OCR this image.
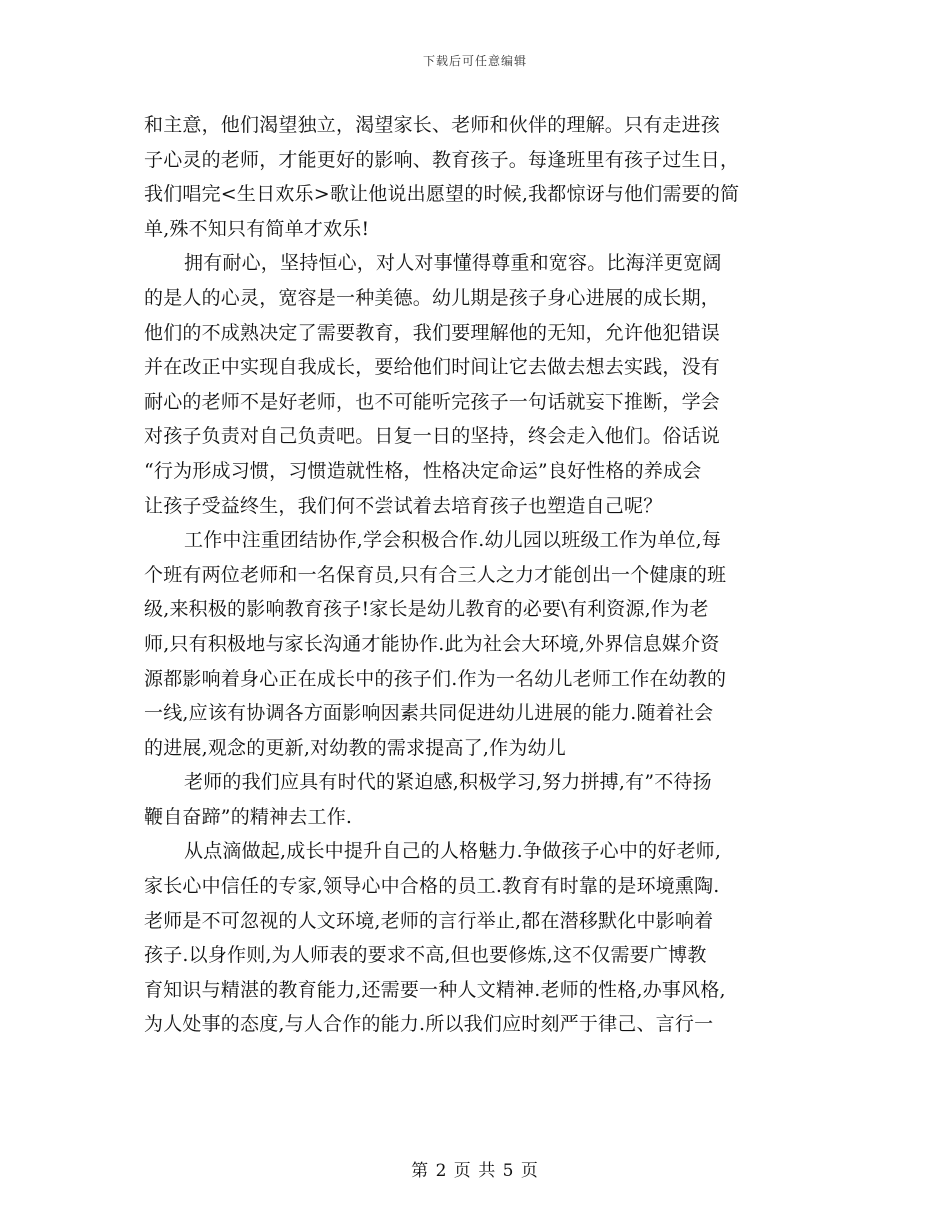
下载后可任意编辑
和主意，他们渴望独立，渴望家长、老师和伙伴的理解。只有走进孩
子心灵的老师，才能更好的影响、教育孩子。每逢班里有孩子过生日，
我们唱完<生日欢乐>歌让他说出愿望的时候,我都惊讶与他们需要的简
单,殊不知只有简单才欢乐!
拥有耐心，坚持恒心，对人对事懂得尊重和宽容。比海洋更宽阔
的是人的心灵，宽容是一种美德。幼儿期是孩子身心进展的成长期，
他们的不成熟决定了需要教育，我们要理解他的无知，允许他犯错误
并在改正中实现自我成长，要给他们时间让它去做去想去实践，没有
耐心的老师不是好老师，也不可能听完孩子一句话就妄下推断，学会
对孩子负责对自己负责吧。日复一日的坚持，终会走入他们。俗话说
“行为形成习惯，习惯造就性格，性格决定命运”良好性格的养成会
让孩子受益终生，我们何不尝试着去培育孩子也塑造自己呢？
工作中注重团结协作,学会积极合作.幼儿园以班级工作为单位,每
个班有两位老师和一名保育员,只有合三人之力才能创出一个健康的班
级,来积极的影响教育孩子!家长是幼儿教育的必要\有利资源,作为老
师,只有积极地与家长沟通才能协作.此为社会大环境,外界信息媒介资
源都影响着身心正在成长中的孩子们.作为一名幼儿老师工作在幼教的
一线,应该有协调各方面影响因素共同促进幼儿进展的能力.随着社会
的进展,观念的更新,对幼教的需求提高了,作为幼儿
老师的我们应具有时代的紧迫感,积极学习,努力拼搏,有”不待扬
鞭自奋蹄”的精神去工作.
从点滴做起,成长中提升自己的人格魅力.争做孩子心中的好老师,
家长心中信任的专家,领导心中合格的员工.教育有时靠的是环境熏陶.
老师是不可忽视的人文环境,老师的言行举止,都在潜移默化中影响着
孩子.以身作则,为人师表的要求不高,但也要修炼,这不仅需要广博教
育知识与精湛的教育能力,还需要一种人文精神.老师的性格,办事风格,
为人处事的态度,与人合作的能力.所以我们应时刻严于律己、言行一
第 2 页 共 5 页
